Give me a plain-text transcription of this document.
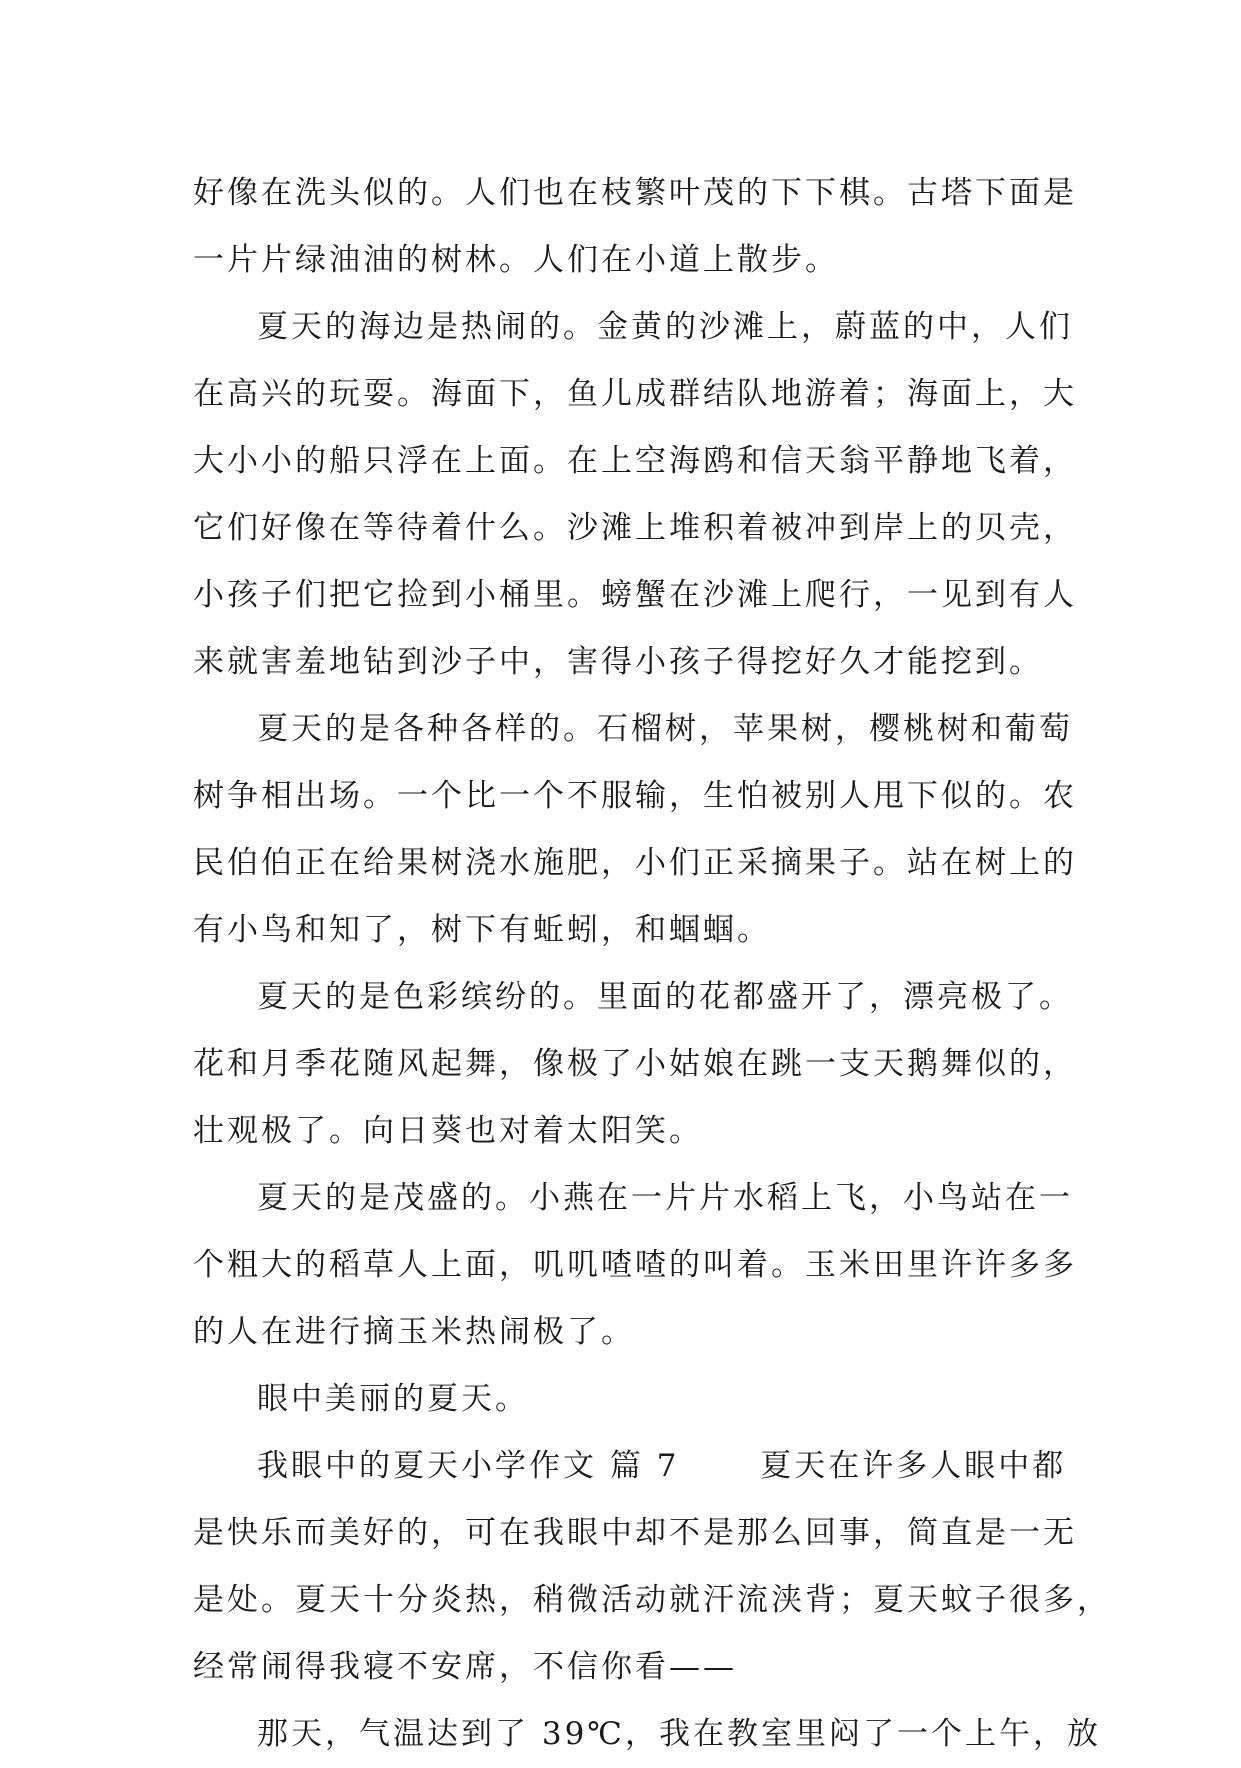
好像在洗头似的。人们也在枝繁叶茂的下下棋。古塔下面是
一片片绿油油的树林。人们在小道上散步。
夏天的海边是热闹的。金黄的沙滩上，蔚蓝的中，人们
在高兴的玩耍。海面下，鱼儿成群结队地游着；海面上，大
大小小的船只浮在上面。在上空海鸥和信天翁平静地飞着，
它们好像在等待着什么。沙滩上堆积着被冲到岸上的贝壳，
小孩子们把它捡到小桶里。螃蟹在沙滩上爬行，一见到有人
来就害羞地钻到沙子中，害得小孩子得挖好久才能挖到。
夏天的是各种各样的。石榴树，苹果树，樱桃树和葡萄
树争相出场。一个比一个不服输，生怕被别人甩下似的。农
民伯伯正在给果树浇水施肥，小们正采摘果子。站在树上的
有小鸟和知了，树下有蚯蚓，和蝈蝈。
夏天的是色彩缤纷的。里面的花都盛开了，漂亮极了。
花和月季花随风起舞，像极了小姑娘在跳一支天鹅舞似的，
壮观极了。向日葵也对着太阳笑。
夏天的是茂盛的。小燕在一片片水稻上飞，小鸟站在一
个粗大的稻草人上面，叽叽喳喳的叫着。玉米田里许许多多
的人在进行摘玉米热闹极了。
眼中美丽的夏天。
我眼中的夏天小学作文 篇 7 　　夏天在许多人眼中都
是快乐而美好的，可在我眼中却不是那么回事，简直是一无
是处。夏天十分炎热，稍微活动就汗流浃背；夏天蚊子很多，
经常闹得我寝不安席，不信你看——
那天，气温达到了 39℃，我在教室里闷了一个上午，放
